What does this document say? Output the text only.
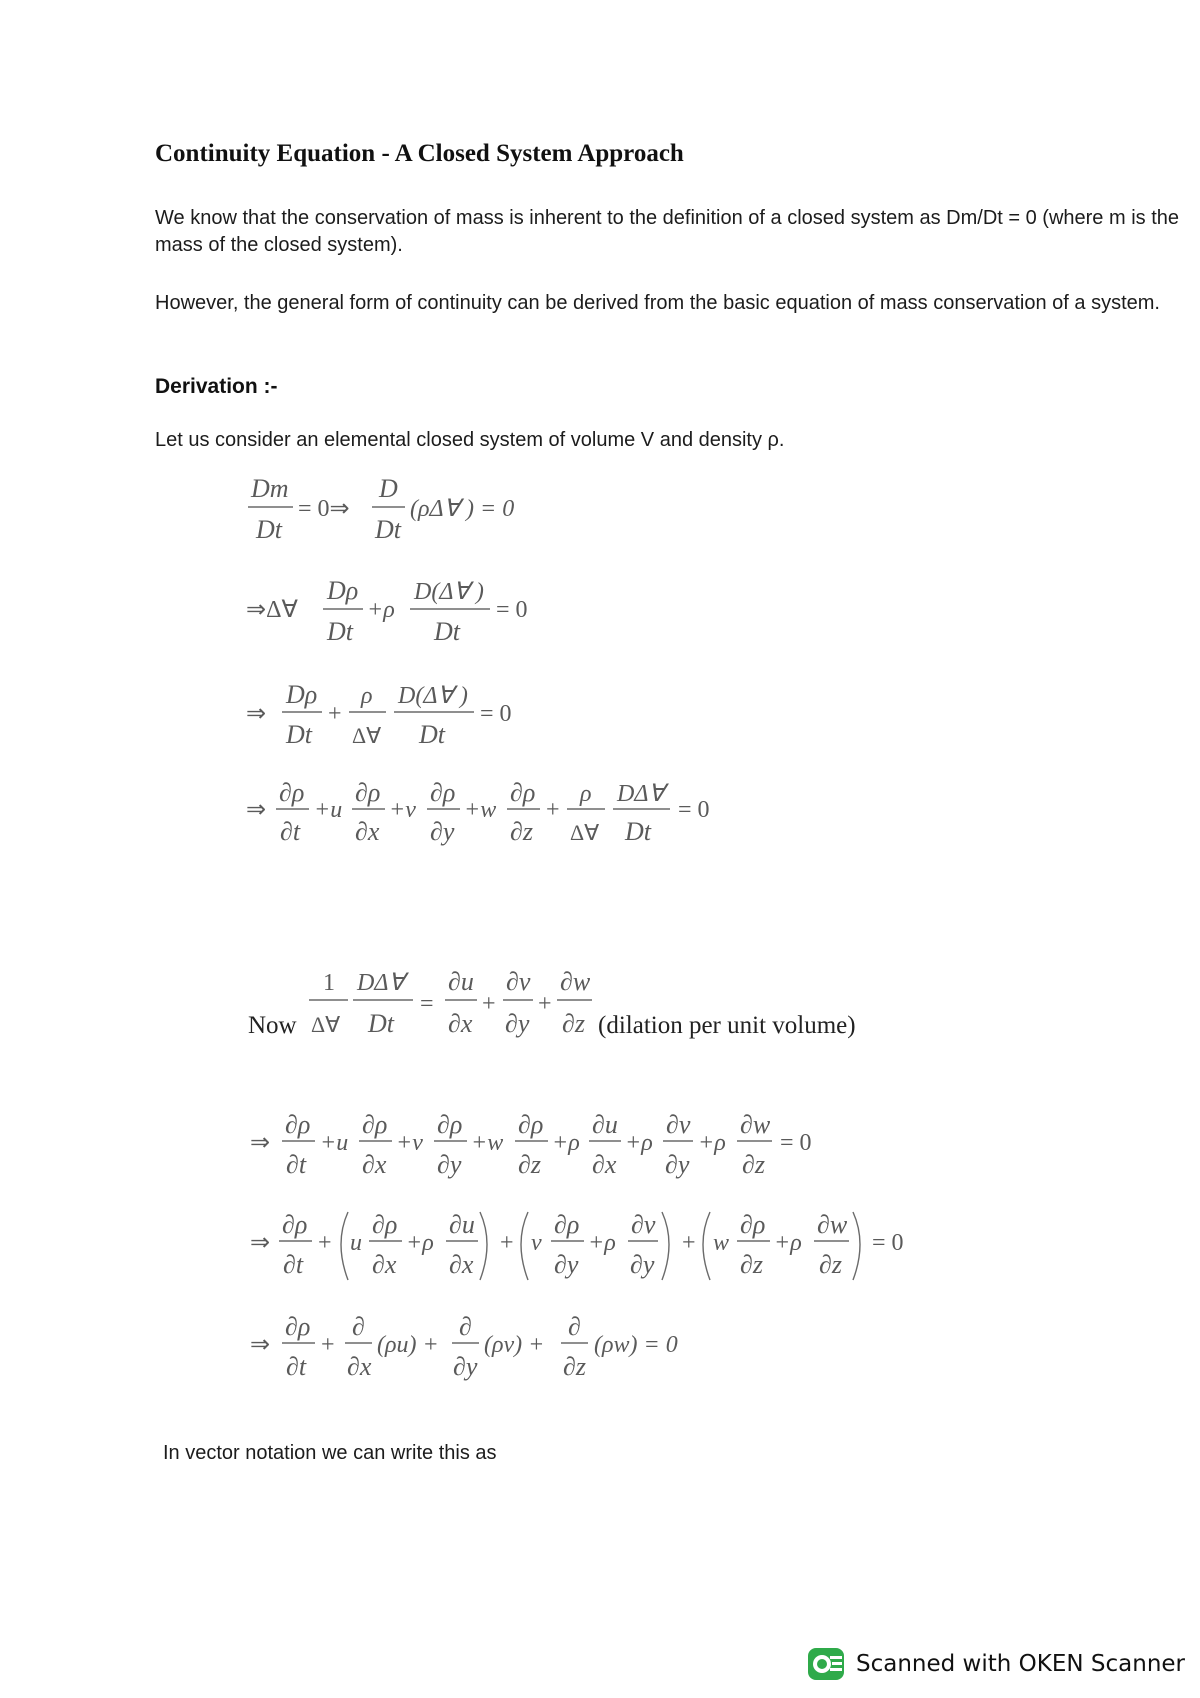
Continuity Equation - A Closed System Approach
We know that the conservation of mass is inherent to the definition of a closed system as Dm/Dt = 0 (where m is the mass of the closed system).
However, the general form of continuity can be derived from the basic equation of mass conservation of a system.
Derivation :-
Let us consider an elemental closed system of volume V and density ρ.
Dm
Dt
= 0⇒
D
Dt
(ρΔ∀ ) = 0
⇒Δ∀
Dρ
Dt
+ρ
D(Δ∀ )
Dt
= 0
⇒
Dρ
Dt
+
ρ
Δ∀
D(Δ∀ )
Dt
= 0
⇒
∂ρ
∂t
+u
∂ρ
∂x
+v
∂ρ
∂y
+w
∂ρ
∂z
+
ρ
Δ∀
DΔ∀
Dt
= 0
1
Δ∀
DΔ∀
Dt
=
∂u
∂x
+
∂v
∂y
+
∂w
∂z
⇒
∂ρ
∂t
+u
∂ρ
∂x
+v
∂ρ
∂y
+w
∂ρ
∂z
+ρ
∂u
∂x
+ρ
∂v
∂y
+ρ
∂w
∂z
= 0
⇒
∂ρ
∂t
+ u
∂ρ
∂x
+ρ
∂u
∂x
+ v
∂ρ
∂y
+ρ
∂v
∂y
+ w
∂ρ
∂z
+ρ
∂w
∂z
= 0
⇒
∂ρ
∂t
+
∂
∂x
(ρu) +
∂
∂y
(ρv) +
∂
∂z
(ρw) = 0
Now	(dilation per unit volume)
In vector notation we can write this as
Scanned with OKEN Scanner
